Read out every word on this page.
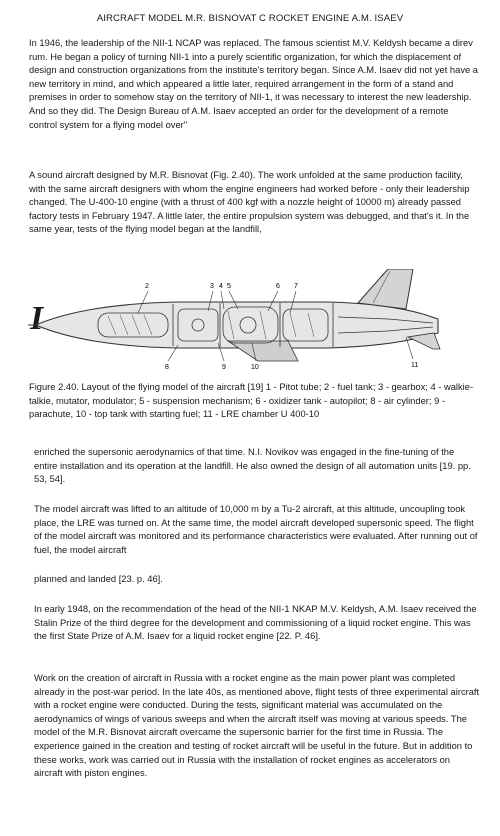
AIRCRAFT MODEL M.R. BISNOVAT C ROCKET ENGINE A.M. ISAEV

In 1946, the leadership of the NII-1 NCAP was replaced. The famous scientist M.V. Keldysh became a direv rum. He began a policy of turning NII-1 into a purely scientific organization, for which the displacement of design and construction organizations from the institute's territory began. Since A.M. Isaev did not yet have a new territory in mind, and which appeared a little later, required arrangement in the form of a stand and premises in order to somehow stay on the territory of NII-1, it was necessary to interest the new leadership. And so they did. The Design Bureau of A.M. Isaev accepted an order for the development of a remote control system for a flying model over"

A sound aircraft designed by M.R. Bisnovat (Fig. 2.40). The work unfolded at the same production facility, with the same aircraft designers with whom the engine engineers had worked before - only their leadership changed. The U-400-10 engine (with a thrust of 400 kgf with a nozzle height of 10000 m) already passed factory tests in February 1947. A little later, the entire propulsion system was debugged, and that's it. In the same year, tests of the flying model began at the landfill,

I
2	3 4 5	6 7
8	9	10	11

Figure 2.40. Layout of the flying model of the aircraft [19] 1 - Pitot tube; 2 - fuel tank; 3 - gearbox; 4 - walkie-talkie, mutator, modulator; 5 - suspension mechanism; 6 - oxidizer tank - autopilot; 8 - air cylinder; 9 - parachute, 10 - top tank with starting fuel; 11 - LRE chamber U 400-10

enriched the supersonic aerodynamics of that time. N.I. Novikov was engaged in the fine-tuning of the entire installation and its operation at the landfill. He also owned the design of all automation units [19. pp. 53, 54].

The model aircraft was lifted to an altitude of 10,000 m by a Tu-2 aircraft, at this altitude, uncoupling took place, the LRE was turned on. At the same time, the model aircraft developed supersonic speed. The flight of the model aircraft was monitored and its performance characteristics were evaluated. After running out of fuel, the model aircraft

planned and landed [23. p. 46].

In early 1948, on the recommendation of the head of the NII-1 NKAP M.V. Keldysh, A.M. Isaev received the Stalin Prize of the third degree for the development and commissioning of a liquid rocket engine. This was the first State Prize of A.M. Isaev for a liquid rocket engine [22. P. 46].

Work on the creation of aircraft in Russia with a rocket engine as the main power plant was completed already in the post-war period. In the late 40s, as mentioned above, flight tests of three experimental aircraft with a rocket engine were conducted. During the tests, significant material was accumulated on the aerodynamics of wings of various sweeps and when the aircraft itself was moving at various speeds. The model of the M.R. Bisnovat aircraft overcame the supersonic barrier for the first time in Russia. The experience gained in the creation and testing of rocket aircraft will be useful in the future. But in addition to these works, work was carried out in Russia with the installation of rocket engines as accelerators on aircraft with piston engines.
